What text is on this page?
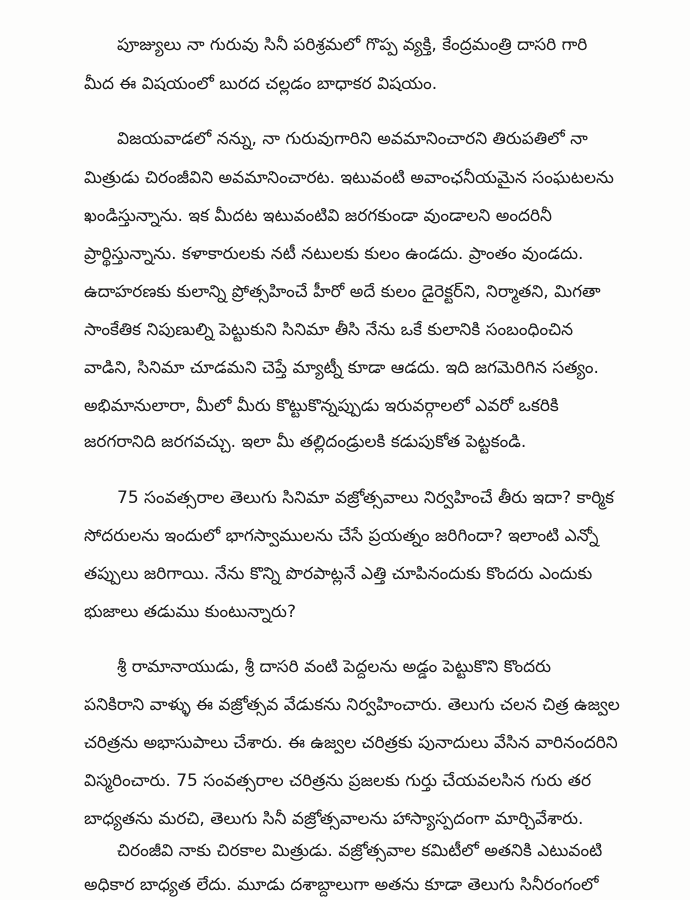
పూజ్యులు నా గురువు సినీ పరిశ్రమలో గొప్ప వ్యక్తి, కేంద్రమంత్రి దాసరి గారి
మీద ఈ విషయంలో బురద చల్లడం బాధాకర విషయం.
విజయవాడలో నన్ను, నా గురువుగారిని అవమానించారని తిరుపతిలో నా
మిత్రుడు చిరంజీవిని అవమానించారట. ఇటువంటి అవాంఛనీయమైన సంఘటలను
ఖండిస్తున్నాను. ఇక మీదట ఇటువంటివి జరగకుండా వుండాలని అందరినీ
ప్రార్థిస్తున్నాను. కళాకారులకు నటీ నటులకు కులం ఉండదు. ప్రాంతం వుండదు.
ఉదాహరణకు కులాన్ని ప్రోత్సహించే హీరో అదే కులం డైరెక్టర్‌ని, నిర్మాతని, మిగతా
సాంకేతిక నిపుణుల్ని పెట్టుకుని సినిమా తీసి నేను ఒకే కులానికి సంబంధించిన
వాడిని, సినిమా చూడమని చెప్తే మ్యాట్నీ కూడా ఆడదు. ఇది జగమెరిగిన సత్యం.
అభిమానులారా, మీలో మీరు కొట్టుకొన్నప్పుడు ఇరువర్గాలలో ఎవరో ఒకరికి
జరగరానిది జరగవచ్చు. ఇలా మీ తల్లిదండ్రులకి కడుపుకోత పెట్టకండి.
75 సంవత్సరాల తెలుగు సినిమా వజ్రోత్సవాలు నిర్వహించే తీరు ఇదా? కార్మిక
సోదరులను ఇందులో భాగస్వాములను చేసే ప్రయత్నం జరిగిందా? ఇలాంటి ఎన్నో
తప్పులు జరిగాయి. నేను కొన్ని పొరపాట్లనే ఎత్తి చూపినందుకు కొందరు ఎందుకు
భుజాలు తడుము కుంటున్నారు?
శ్రీ రామానాయుడు, శ్రీ దాసరి వంటి పెద్దలను అడ్డం పెట్టుకొని కొందరు
పనికిరాని వాళ్ళు ఈ వజ్రోత్సవ వేడుకను నిర్వహించారు. తెలుగు చలన చిత్ర ఉజ్వల
చరిత్రను అభాసుపాలు చేశారు. ఈ ఉజ్వల చరిత్రకు పునాదులు వేసిన వారినందరిని
విస్మరించారు. 75 సంవత్సరాల చరిత్రను ప్రజలకు గుర్తు చేయవలసిన గురు తర
బాధ్యతను మరచి, తెలుగు సినీ వజ్రోత్సవాలను హాస్యాస్పదంగా మార్చివేశారు.
చిరంజీవి నాకు చిరకాల మిత్రుడు. వజ్రోత్సవాల కమిటీలో అతనికి ఎటువంటి
అధికార బాధ్యత లేదు. మూడు దశాబ్దాలుగా అతను కూడా తెలుగు సినీరంగంలో
